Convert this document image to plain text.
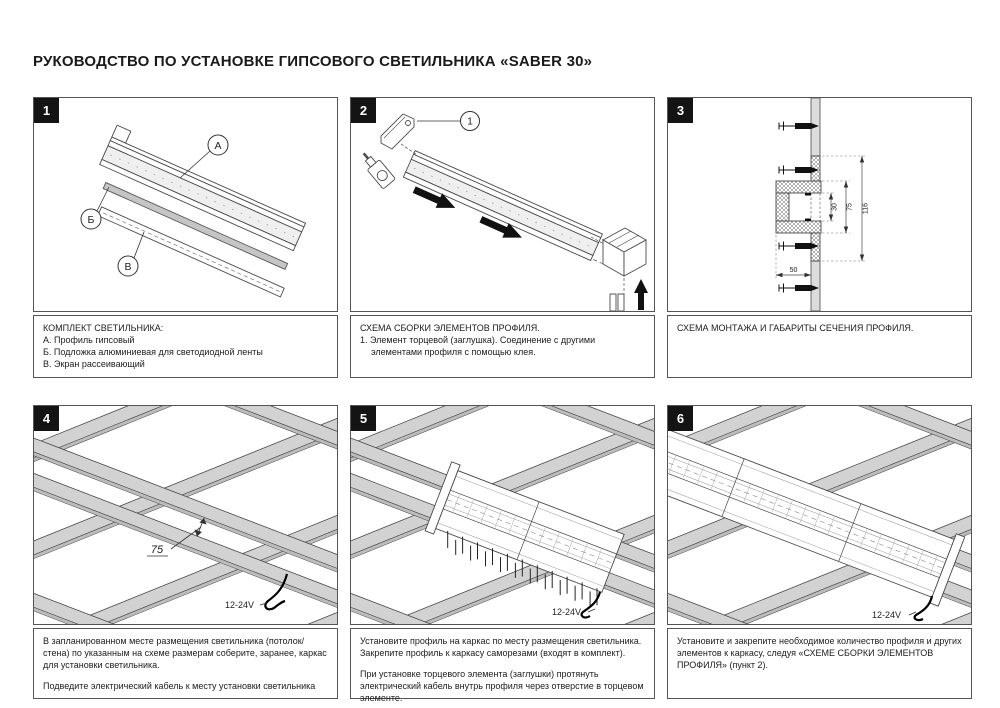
РУКОВОДСТВО ПО УСТАНОВКЕ ГИПСОВОГО СВЕТИЛЬНИКА «SABER 30»
1
А
Б
В
КОМПЛЕКТ СВЕТИЛЬНИКА:
А. Профиль гипсовый
Б. Подложка алюминиевая для светодиодной ленты
В. Экран рассеивающий
2
1
СХЕМА СБОРКИ ЭЛЕМЕНТОВ ПРОФИЛЯ.
1. Элемент торцевой (заглушка). Соединение с другими элементами профиля с помощью клея.
3
30 75 116
50
СХЕМА МОНТАЖА И ГАБАРИТЫ СЕЧЕНИЯ ПРОФИЛЯ.
4
75
12-24V

В запланированном месте размещения светильника (потолок/стена) по указанным на схеме размерам соберите, заранее, каркас для установки светильника.

Подведите электрический кабель к месту установки светильника

5
12-24V

Установите профиль на каркас по месту размещения светильника. Закрепите профиль к каркасу саморезами (входят в комплект).

При установке торцевого элемента (заглушки) протянуть электрический кабель внутрь профиля через отверстие в торцевом элементе.

6
12-24V

Установите и закрепите необходимое количество профиля и других элементов к каркасу, следуя «СХЕМЕ СБОРКИ ЭЛЕМЕНТОВ ПРОФИЛЯ» (пункт 2).
